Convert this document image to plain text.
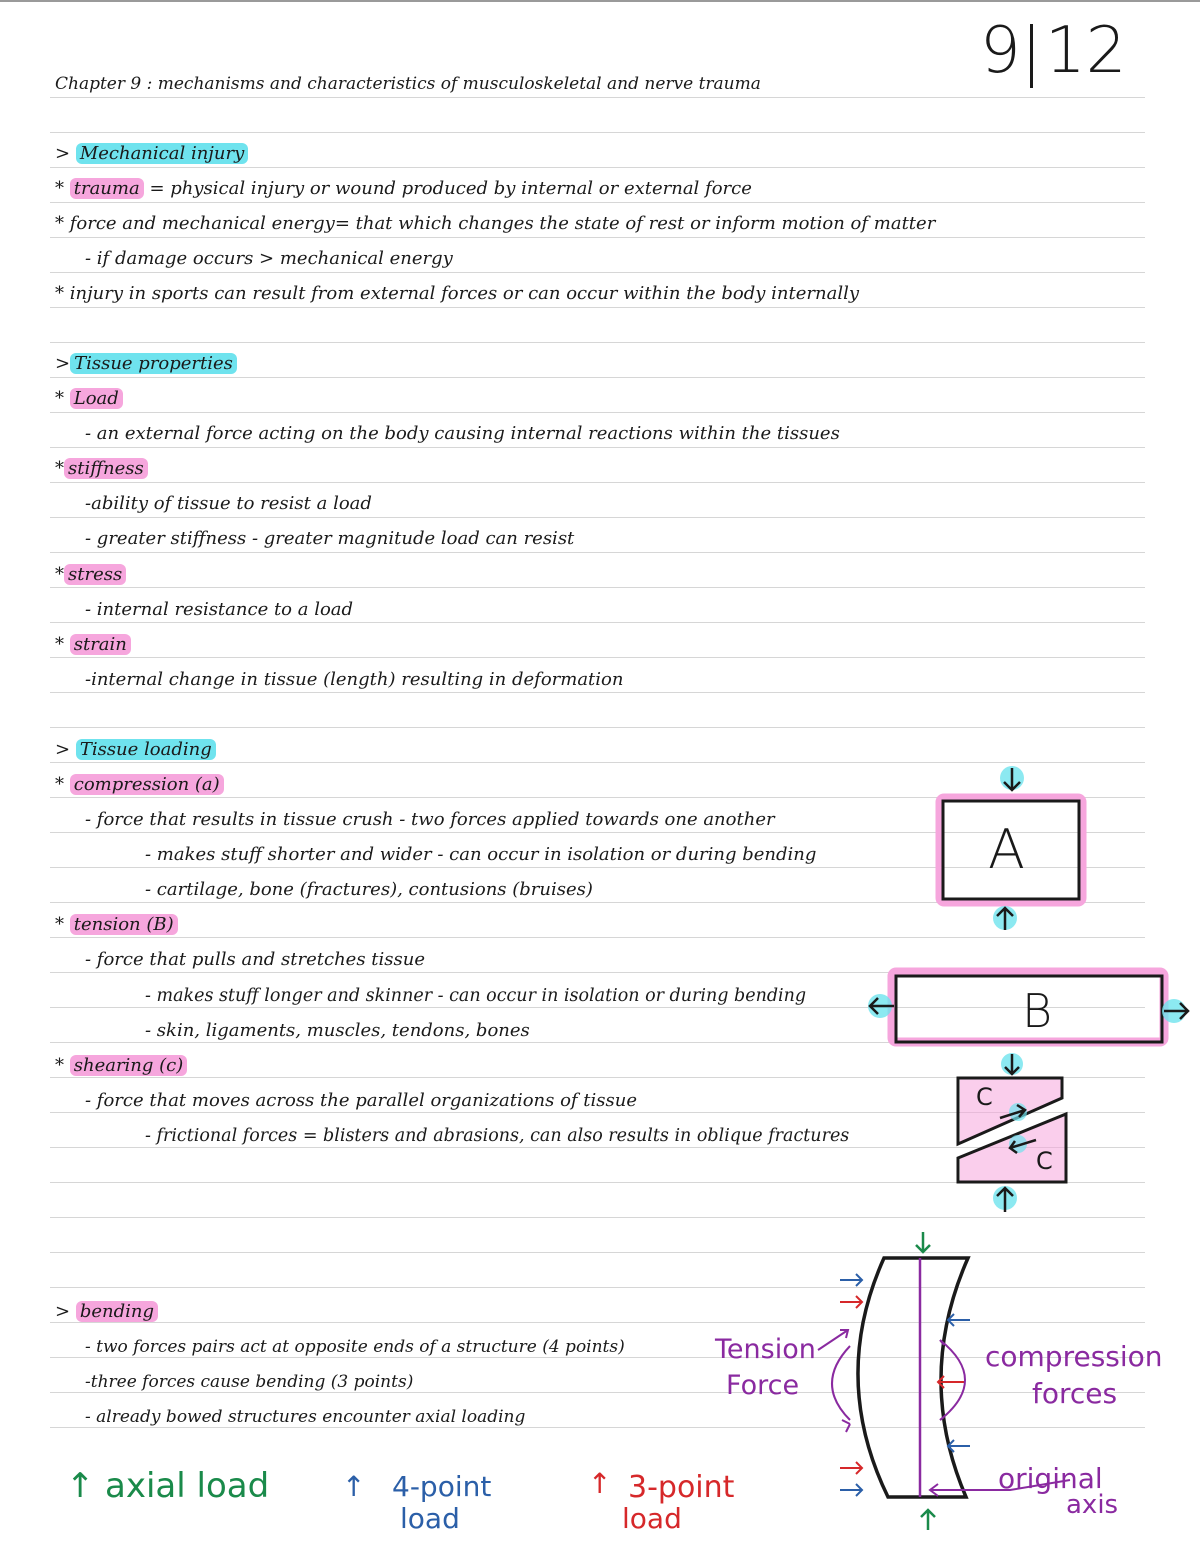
9 12
Chapter 9 : mechanisms and characteristics of musculoskeletal and nerve trauma
> Mechanical injury
* trauma = physical injury or wound produced by internal or external force
* force and mechanical energy= that which changes the state of rest or inform motion of matter
- if damage occurs > mechanical energy
* injury in sports can result from external forces or can occur within the body internally
> Tissue properties
* Load
- an external force acting on the body causing internal reactions within the tissues
* stiffness
-ability of tissue to resist a load
- greater stiffness - greater magnitude load can resist
* stress
- internal resistance to a load
* strain
-internal change in tissue (length) resulting in deformation
> Tissue loading
* compression (a)
- force that results in tissue crush - two forces applied towards one another
- makes stuff shorter and wider - can occur in isolation or during bending
- cartilage, bone (fractures), contusions (bruises)
* tension (B)
- force that pulls and stretches tissue
- makes stuff longer and skinner - can occur in isolation or during bending
- skin, ligaments, muscles, tendons, bones
* shearing (c)
- force that moves across the parallel organizations of tissue
- frictional forces = blisters and abrasions, can also results in oblique fractures
> bending
- two forces pairs act at opposite ends of a structure (4 points)
-three forces cause bending (3 points)
- already bowed structures encounter axial loading
↑ axial load	↑ 4-point
load
↑ 3-point
load
A
B
C
C
Tension
Force
compression
forces
original
axis
